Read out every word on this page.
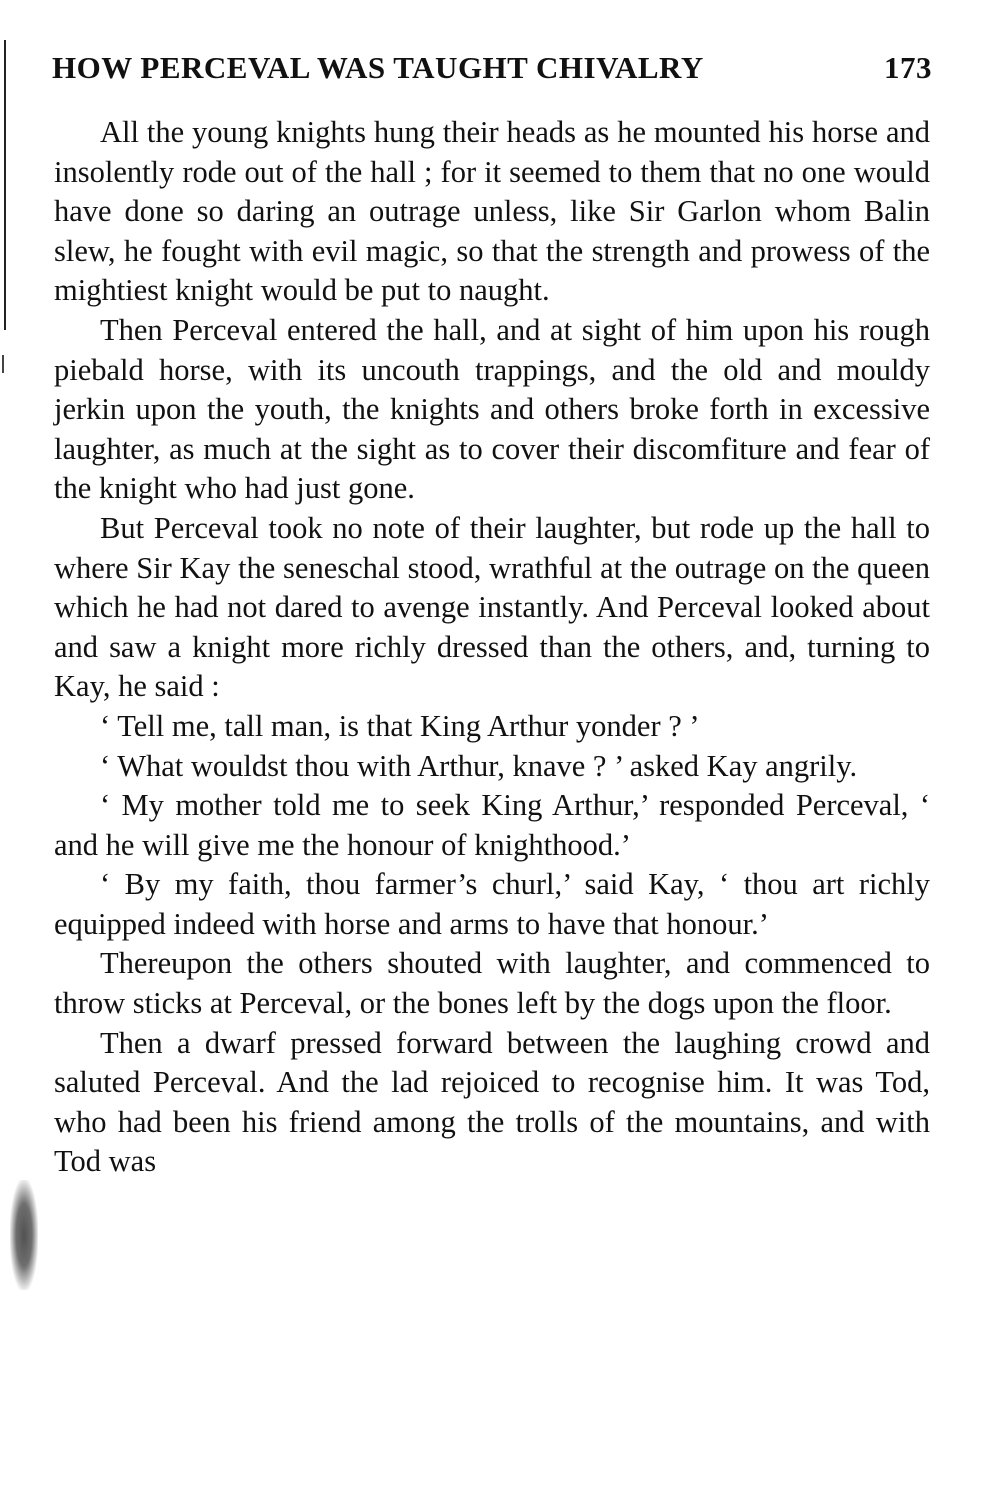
HOW PERCEVAL WAS TAUGHT CHIVALRY	173

All the young knights hung their heads as he mounted his horse and insolently rode out of the hall ; for it seemed to them that no one would have done so daring an outrage unless, like Sir Garlon whom Balin slew, he fought with evil magic, so that the strength and prowess of the mightiest knight would be put to naught.

Then Perceval entered the hall, and at sight of him upon his rough piebald horse, with its uncouth trappings, and the old and mouldy jerkin upon the youth, the knights and others broke forth in excessive laughter, as much at the sight as to cover their discomfiture and fear of the knight who had just gone.

But Perceval took no note of their laughter, but rode up the hall to where Sir Kay the seneschal stood, wrathful at the outrage on the queen which he had not dared to avenge instantly. And Perceval looked about and saw a knight more richly dressed than the others, and, turning to Kay, he said :

‘ Tell me, tall man, is that King Arthur yonder ? ’

‘ What wouldst thou with Arthur, knave ? ’ asked Kay angrily.

‘ My mother told me to seek King Arthur,’ responded Perceval, ‘ and he will give me the honour of knighthood.’

‘ By my faith, thou farmer’s churl,’ said Kay, ‘ thou art richly equipped indeed with horse and arms to have that honour.’

Thereupon the others shouted with laughter, and commenced to throw sticks at Perceval, or the bones left by the dogs upon the floor.

Then a dwarf pressed forward between the laughing crowd and saluted Perceval. And the lad rejoiced to recognise him. It was Tod, who had been his friend among the trolls of the mountains, and with Tod was
